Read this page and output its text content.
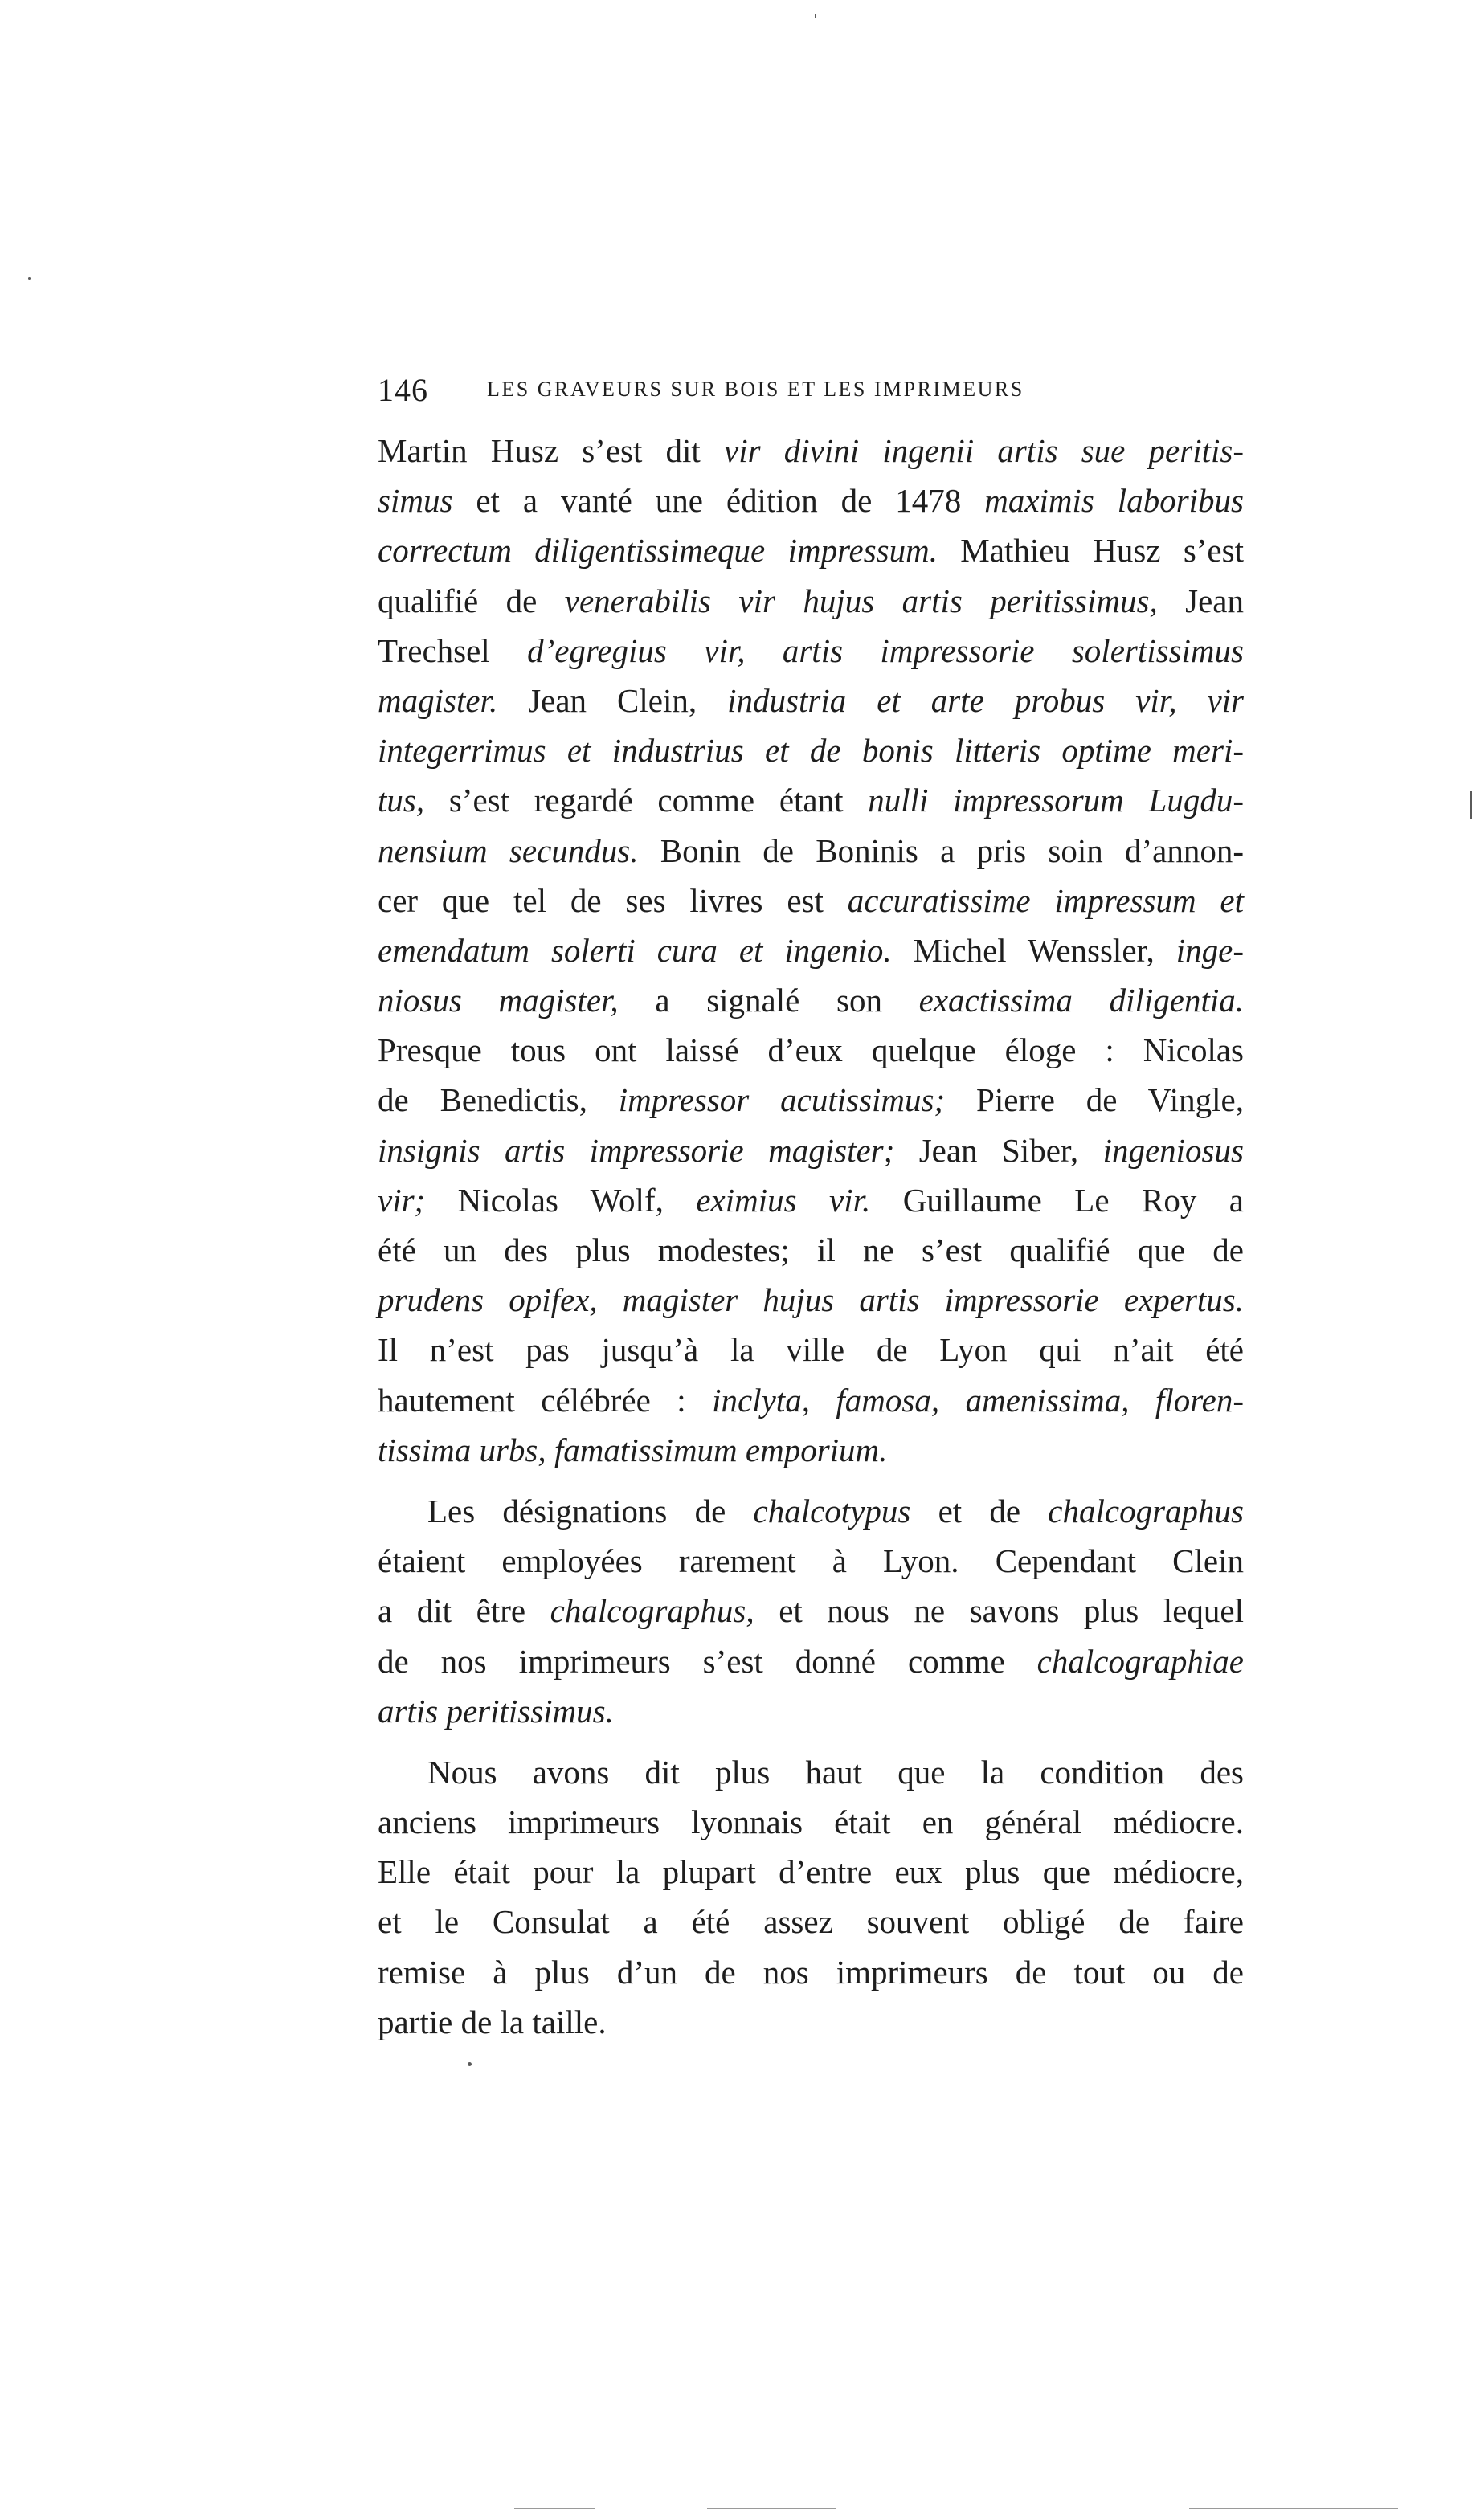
146	LES GRAVEURS SUR BOIS ET LES IMPRIMEURS
Martin Husz s’est dit vir divini ingenii artis sue peritis-
simus et a vanté une édition de 1478 maximis laboribus
correctum diligentissimeque impressum. Mathieu Husz s’est
qualifié de venerabilis vir hujus artis peritissimus, Jean
Trechsel d’egregius vir, artis impressorie solertissimus
magister. Jean Clein, industria et arte probus vir, vir
integerrimus et industrius et de bonis litteris optime meri-
tus, s’est regardé comme étant nulli impressorum Lugdu-
nensium secundus. Bonin de Boninis a pris soin d’annon-
cer que tel de ses livres est accuratissime impressum et
emendatum solerti cura et ingenio. Michel Wenssler, inge-
niosus magister, a signalé son exactissima diligentia.
Presque tous ont laissé d’eux quelque éloge : Nicolas
de Benedictis, impressor acutissimus; Pierre de Vingle,
insignis artis impressorie magister; Jean Siber, ingeniosus
vir; Nicolas Wolf, eximius vir. Guillaume Le Roy a
été un des plus modestes; il ne s’est qualifié que de
prudens opifex, magister hujus artis impressorie expertus.
Il n’est pas jusqu’à la ville de Lyon qui n’ait été
hautement célébrée : inclyta, famosa, amenissima, floren-
tissima urbs, famatissimum emporium.
Les désignations de chalcotypus et de chalcographus
étaient employées rarement à Lyon. Cependant Clein
a dit être chalcographus, et nous ne savons plus lequel
de nos imprimeurs s’est donné comme chalcographiae
artis peritissimus.
Nous avons dit plus haut que la condition des
anciens imprimeurs lyonnais était en général médiocre.
Elle était pour la plupart d’entre eux plus que médiocre,
et le Consulat a été assez souvent obligé de faire
remise à plus d’un de nos imprimeurs de tout ou de
partie de la taille.
